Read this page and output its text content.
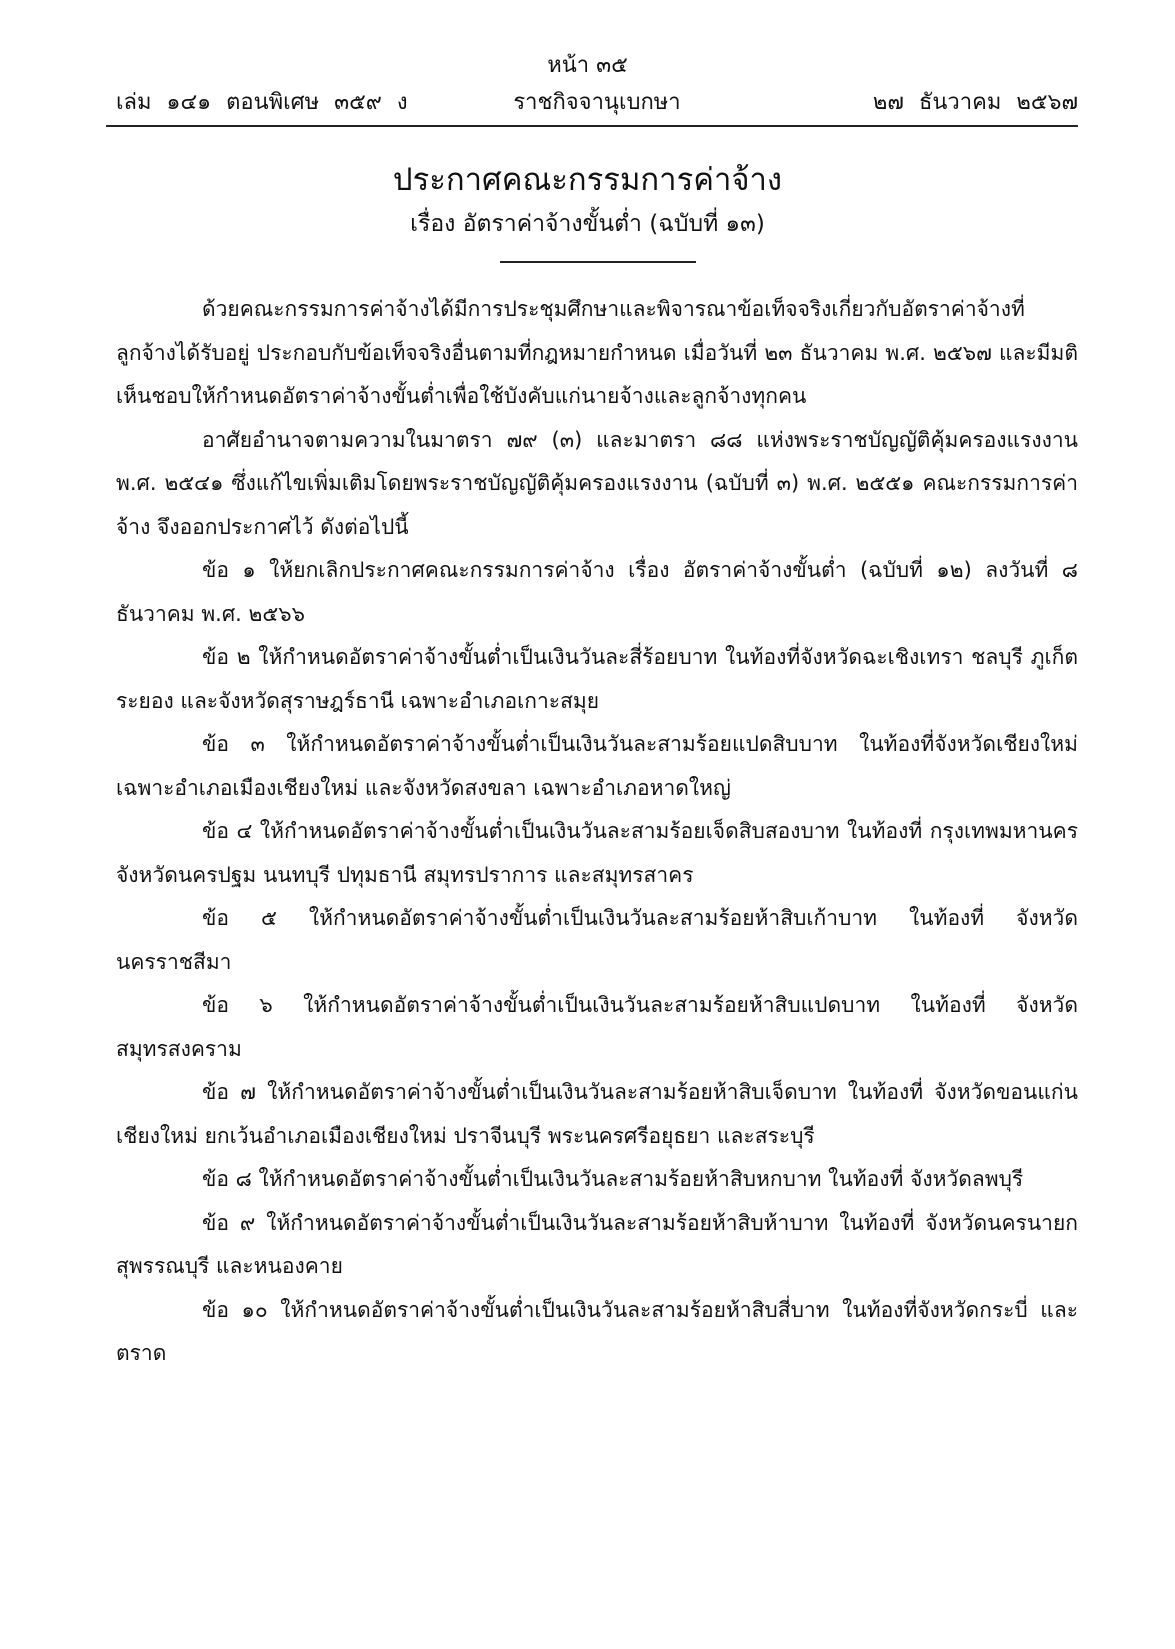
หน้า ๓๕
เล่ม ๑๔๑ ตอนพิเศษ ๓๕๙ ง	ราชกิจจานุเบกษา	๒๗ ธันวาคม ๒๕๖๗
ประกาศคณะกรรมการค่าจ้าง
เรื่อง อัตราค่าจ้างขั้นต่ำ (ฉบับที่ ๑๓)

ด้วยคณะกรรมการค่าจ้างได้มีการประชุมศึกษาและพิจารณาข้อเท็จจริงเกี่ยวกับอัตราค่าจ้างที่ลูกจ้างได้รับอยู่ ประกอบกับข้อเท็จจริงอื่นตามที่กฎหมายกำหนด เมื่อวันที่ ๒๓ ธันวาคม พ.ศ. ๒๕๖๗ และมีมติเห็นชอบให้กำหนดอัตราค่าจ้างขั้นต่ำเพื่อใช้บังคับแก่นายจ้างและลูกจ้างทุกคน

อาศัยอำนาจตามความในมาตรา ๗๙ (๓) และมาตรา ๘๘ แห่งพระราชบัญญัติคุ้มครองแรงงาน พ.ศ. ๒๕๔๑ ซึ่งแก้ไขเพิ่มเติมโดยพระราชบัญญัติคุ้มครองแรงงาน (ฉบับที่ ๓) พ.ศ. ๒๕๕๑ คณะกรรมการค่าจ้าง จึงออกประกาศไว้ ดังต่อไปนี้

ข้อ ๑ ให้ยกเลิกประกาศคณะกรรมการค่าจ้าง เรื่อง อัตราค่าจ้างขั้นต่ำ (ฉบับที่ ๑๒) ลงวันที่ ๘ ธันวาคม พ.ศ. ๒๕๖๖

ข้อ ๒ ให้กำหนดอัตราค่าจ้างขั้นต่ำเป็นเงินวันละสี่ร้อยบาท ในท้องที่จังหวัดฉะเชิงเทรา ชลบุรี ภูเก็ต ระยอง และจังหวัดสุราษฎร์ธานี เฉพาะอำเภอเกาะสมุย

ข้อ ๓ ให้กำหนดอัตราค่าจ้างขั้นต่ำเป็นเงินวันละสามร้อยแปดสิบบาท ในท้องที่จังหวัดเชียงใหม่ เฉพาะอำเภอเมืองเชียงใหม่ และจังหวัดสงขลา เฉพาะอำเภอหาดใหญ่

ข้อ ๔ ให้กำหนดอัตราค่าจ้างขั้นต่ำเป็นเงินวันละสามร้อยเจ็ดสิบสองบาท ในท้องที่ กรุงเทพมหานคร จังหวัดนครปฐม นนทบุรี ปทุมธานี สมุทรปราการ และสมุทรสาคร

ข้อ ๕ ให้กำหนดอัตราค่าจ้างขั้นต่ำเป็นเงินวันละสามร้อยห้าสิบเก้าบาท ในท้องที่ จังหวัดนครราชสีมา

ข้อ ๖ ให้กำหนดอัตราค่าจ้างขั้นต่ำเป็นเงินวันละสามร้อยห้าสิบแปดบาท ในท้องที่ จังหวัดสมุทรสงคราม

ข้อ ๗ ให้กำหนดอัตราค่าจ้างขั้นต่ำเป็นเงินวันละสามร้อยห้าสิบเจ็ดบาท ในท้องที่ จังหวัดขอนแก่น เชียงใหม่ ยกเว้นอำเภอเมืองเชียงใหม่ ปราจีนบุรี พระนครศรีอยุธยา และสระบุรี

ข้อ ๘ ให้กำหนดอัตราค่าจ้างขั้นต่ำเป็นเงินวันละสามร้อยห้าสิบหกบาท ในท้องที่ จังหวัดลพบุรี

ข้อ ๙ ให้กำหนดอัตราค่าจ้างขั้นต่ำเป็นเงินวันละสามร้อยห้าสิบห้าบาท ในท้องที่ จังหวัดนครนายก สุพรรณบุรี และหนองคาย

ข้อ ๑๐ ให้กำหนดอัตราค่าจ้างขั้นต่ำเป็นเงินวันละสามร้อยห้าสิบสี่บาท ในท้องที่จังหวัดกระบี่ และตราด
